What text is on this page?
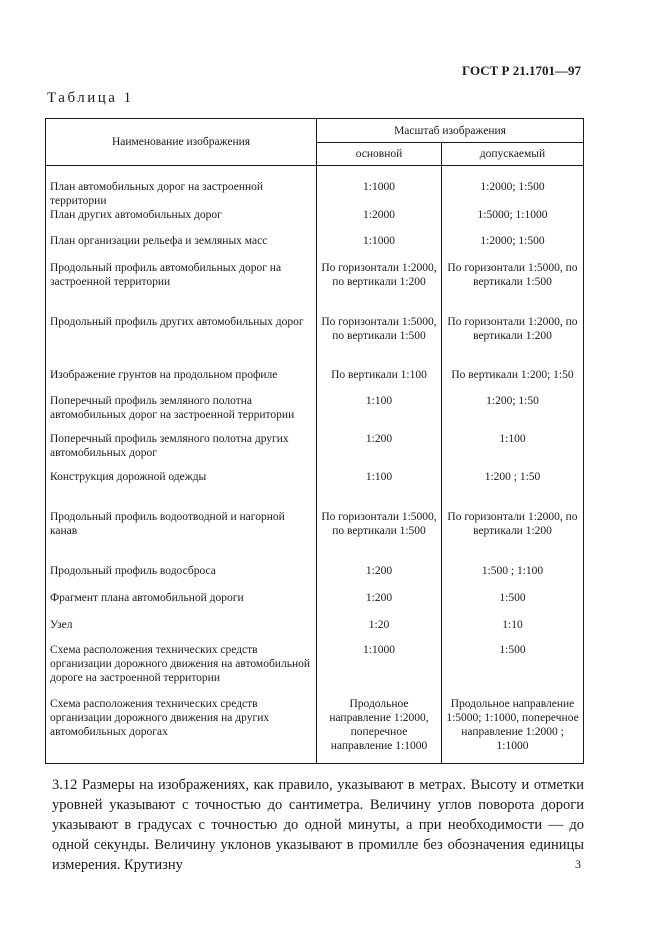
ГОСТ Р 21.1701—97
Таблица 1
Наименование изображения	Масштаб изображения	
	основной	допускаемый
План автомобильных дорог на застроенной территории	1:1000	1:2000; 1:500
План других автомобильных дорог	1:2000	1:5000; 1:1000
План организации рельефа и земляных масс	1:1000	1:2000; 1:500
Продольный профиль автомобильных дорог на застроенной территории	По горизонтали 1:2000, по вертикали 1:200	По горизонтали 1:5000, по вертикали 1:500
Продольный профиль других автомобильных дорог	По горизонтали 1:5000, по вертикали 1:500	По горизонтали 1:2000, по вертикали 1:200
Изображение грунтов на продольном профиле	По вертикали 1:100	По вертикали 1:200; 1:50
Поперечный профиль земляного полотна автомобильных дорог на застроенной территории	1:100	1:200; 1:50
Поперечный профиль земляного полотна других автомобильных дорог	1:200	1:100
Конструкция дорожной одежды	1:100	1:200 ; 1:50
Продольный профиль водоотводной и нагорной канав	По горизонтали 1:5000, по вертикали 1:500	По горизонтали 1:2000, по вертикали 1:200
Продольный профиль водосброса	1:200	1:500 ; 1:100
Фрагмент плана автомобильной дороги	1:200	1:500
Узел	1:20	1:10
Схема расположения технических средств организации дорожного движения на автомобильной дороге на застроенной территории	1:1000	1:500
Схема расположения технических средств организации дорожного движения на других автомобильных дорогах	Продольное направление 1:2000, поперечное направление 1:1000	Продольное направление 1:5000; 1:1000, поперечное направление 1:2000 ; 1:1000
3.12 Размеры на изображениях, как правило, указывают в метрах. Высоту и отметки уровней указывают с точностью до сантиметра. Величину углов поворота дороги указывают в градусах с точностью до одной минуты, а при необходимости — до одной секунды. Величину уклонов указывают в промилле без обозначения единицы измерения. Крутизну	3
